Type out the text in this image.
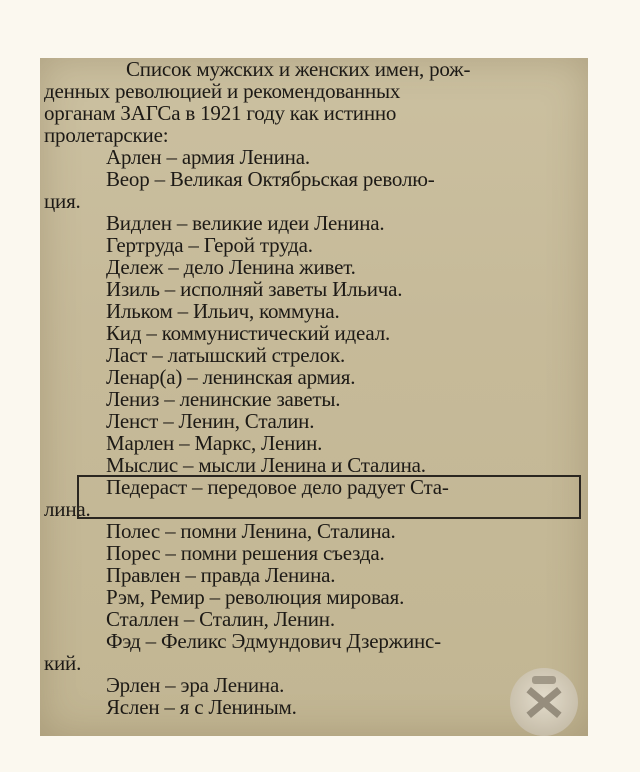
Список мужских и женских имен, рож-
денных революцией и рекомендованных
органам ЗАГСа в 1921 году как истинно
пролетарские:
Арлен – армия Ленина.
Веор – Великая Октябрьская револю-
ция.
Видлен – великие идеи Ленина.
Гертруда – Герой труда.
Дележ – дело Ленина живет.
Изиль – исполняй заветы Ильича.
Ильком – Ильич, коммуна.
Кид – коммунистический идеал.
Ласт – латышский стрелок.
Ленар(а) – ленинская армия.
Лениз – ленинские заветы.
Ленст – Ленин, Сталин.
Марлен – Маркс, Ленин.
Мыслис – мысли Ленина и Сталина.
Педераст – передовое дело радует Ста-
лина.
Полес – помни Ленина, Сталина.
Порес – помни решения съезда.
Правлен – правда Ленина.
Рэм, Ремир – революция мировая.
Сталлен – Сталин, Ленин.
Фэд – Феликс Эдмундович Дзержинс-
кий.
Эрлен – эра Ленина.
Яслен – я с Лениным.
